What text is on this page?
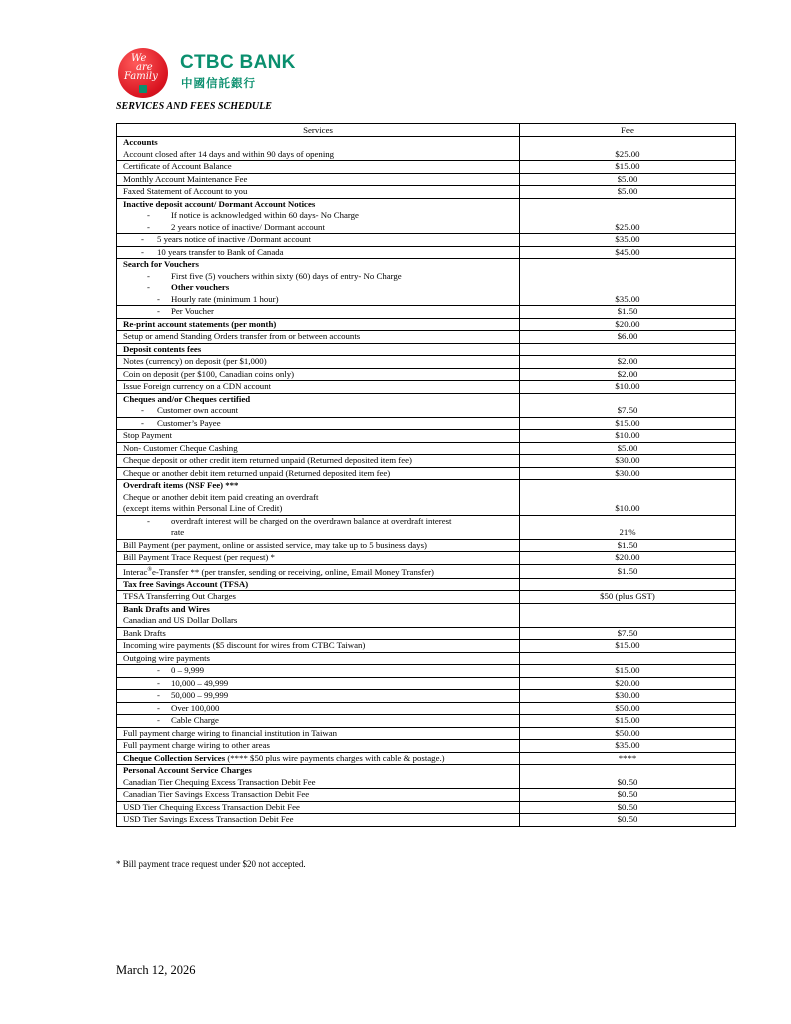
We
are
Family
CTBC BANK
中國信託銀行
SERVICES AND FEES SCHEDULE
Services	Fee

Accounts
Account closed after 14 days and within 90 days of opening	$25.00

Certificate of Account Balance	$15.00

Monthly Account Maintenance Fee	$5.00

Faxed Statement of Account to you	$5.00

Inactive deposit account/ Dormant Account Notices
- If notice is acknowledged within 60 days- No Charge
- 2 years notice of inactive/ Dormant account	$25.00

- 5 years notice of inactive /Dormant account	$35.00

- 10 years transfer to Bank of Canada	$45.00

Search for Vouchers
- First five (5) vouchers within sixty (60) days of entry- No Charge
- Other vouchers
- Hourly rate (minimum 1 hour)	$35.00

- Per Voucher	$1.50

Re-print account statements (per month)	$20.00

Setup or amend Standing Orders transfer from or between accounts	$6.00

Deposit contents fees	

Notes (currency) on deposit (per $1,000)	$2.00

Coin on deposit (per $100, Canadian coins only)	$2.00

Issue Foreign currency on a CDN account	$10.00

Cheques and/or Cheques certified
- Customer own account	$7.50

- Customer’s Payee	$15.00

Stop Payment	$10.00

Non- Customer Cheque Cashing	$5.00

Cheque deposit or other credit item returned unpaid (Returned deposited item fee)	$30.00

Cheque or another debit item returned unpaid (Returned deposited item fee)	$30.00

Overdraft items (NSF Fee) ***
Cheque or another debit item paid creating an overdraft
(except items within Personal Line of Credit)	$10.00

- overdraft interest will be charged on the overdrawn balance at overdraft interest
rate	21%

Bill Payment (per payment, online or assisted service, may take up to 5 business days)	$1.50

Bill Payment Trace Request (per request) *	$20.00

Interac®e-Transfer ** (per transfer, sending or receiving, online, Email Money Transfer)	$1.50

Tax free Savings Account (TFSA)	

TFSA Transferring Out Charges	$50 (plus GST)

Bank Drafts and Wires
Canadian and US Dollar Dollars	

Bank Drafts	$7.50

Incoming wire payments ($5 discount for wires from CTBC Taiwan)	$15.00

Outgoing wire payments	

- 0 – 9,999	$15.00

- 10,000 – 49,999	$20.00

- 50,000 – 99,999	$30.00

- Over 100,000	$50.00

- Cable Charge	$15.00

Full payment charge wiring to financial institution in Taiwan	$50.00

Full payment charge wiring to other areas	$35.00

Cheque Collection Services (**** $50 plus wire payments charges with cable & postage.)	****

Personal Account Service Charges
Canadian Tier Chequing Excess Transaction Debit Fee	$0.50

Canadian Tier Savings Excess Transaction Debit Fee	$0.50

USD Tier Chequing Excess Transaction Debit Fee	$0.50

USD Tier Savings Excess Transaction Debit Fee	$0.50
* Bill payment trace request under $20 not accepted.
March 12, 2026
